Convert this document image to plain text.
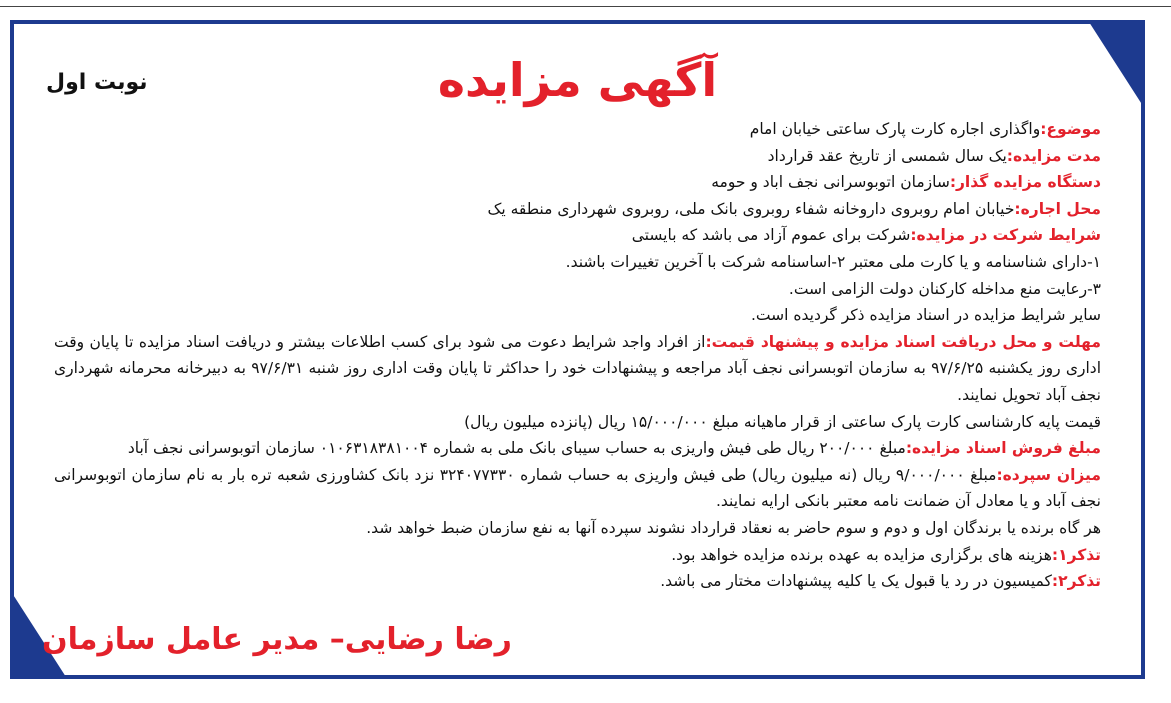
آگهی مزایده
نوبت اول

موضوع:واگذاری اجاره کارت پارک ساعتی خیابان امام

مدت مزایده:یک سال شمسی از تاریخ عقد قرارداد

دستگاه مزایده گذار:سازمان اتوبوسرانی نجف اباد و حومه

محل اجاره:خیابان امام روبروی داروخانه شفاء روبروی بانک ملی، روبروی شهرداری منطقه یک

شرایط شرکت در مزایده:شرکت برای عموم آزاد می باشد که بایستی

۱-دارای شناسنامه و یا کارت ملی معتبر ۲-اساسنامه شرکت با آخرین تغییرات باشند.

۳-رعایت منع مداخله کارکنان دولت الزامی است.

سایر شرایط مزایده در اسناد مزایده ذکر گردیده است.

مهلت و محل دریافت اسناد مزایده و پیشنهاد قیمت:از افراد واجد شرایط دعوت می شود برای کسب اطلاعات بیشتر و دریافت اسناد مزایده تا پایان وقت اداری روز یکشنبه ۹۷/۶/۲۵ به سازمان اتوبسرانی نجف آباد مراجعه و پیشنهادات خود را حداکثر تا پایان وقت اداری روز شنبه ۹۷/۶/۳۱ به دبیرخانه محرمانه شهرداری نجف آباد تحویل نمایند.

قیمت پایه کارشناسی کارت پارک ساعتی از قرار ماهیانه مبلغ ۱۵/۰۰۰/۰۰۰ ریال (پانزده میلیون ریال)

مبلغ فروش اسناد مزایده:مبلغ ۲۰۰/۰۰۰ ریال طی فیش واریزی به حساب سیبای بانک ملی به شماره ۰۱۰۶۳۱۸۳۸۱۰۰۴ سازمان اتوبوسرانی نجف آباد

میزان سپرده:مبلغ ۹/۰۰۰/۰۰۰ ریال (نه میلیون ریال) طی فیش واریزی به حساب شماره ۳۲۴۰۷۷۳۳۰ نزد بانک کشاورزی شعبه تره بار به نام سازمان اتوبوسرانی نجف آباد و یا معادل آن ضمانت نامه معتبر بانکی ارایه نمایند.

هر گاه برنده یا برندگان اول و دوم و سوم حاضر به نعقاد قرارداد نشوند سپرده آنها به نفع سازمان ضبط خواهد شد.

تذکر۱:هزینه های برگزاری مزایده به عهده برنده مزایده خواهد بود.

تذکر۲:کمیسیون در رد یا قبول یک یا کلیه پیشنهادات مختار می باشد.

رضا رضایی– مدیر عامل سازمان
